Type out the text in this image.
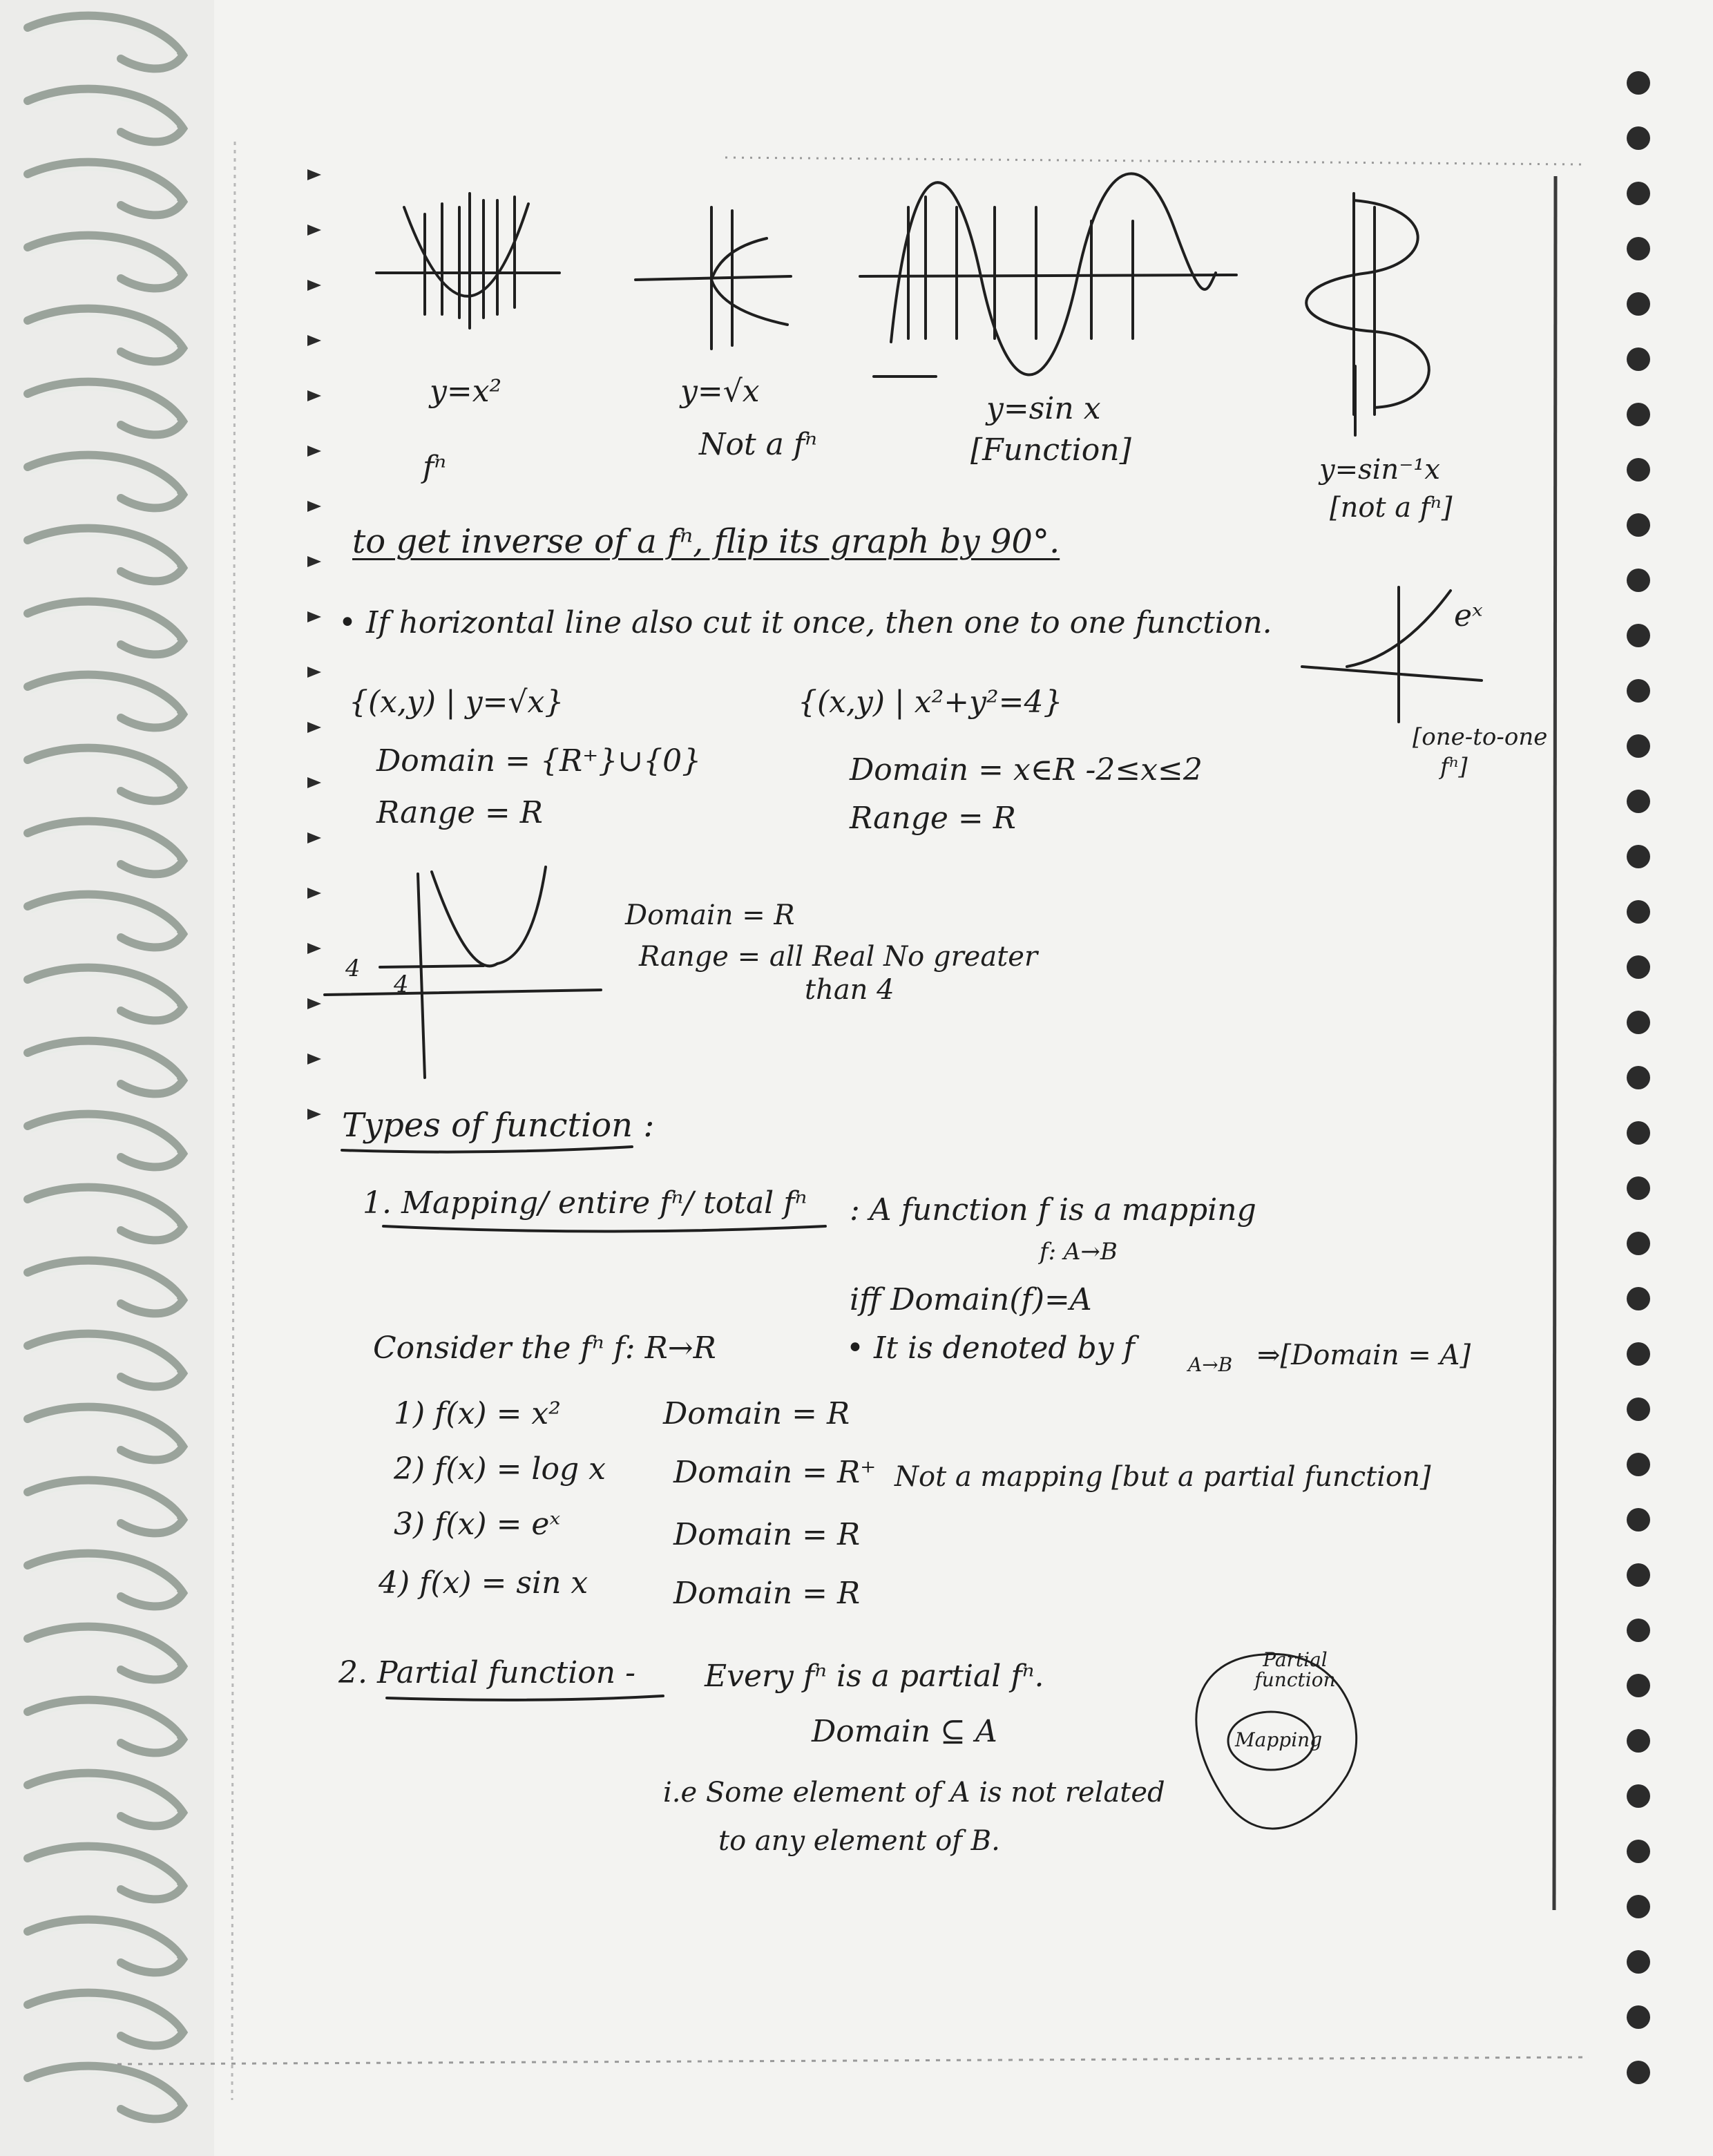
y=x²
fⁿ
y=√x
Not a fⁿ
y=sin x
[Function]
y=sin⁻¹x
[not a fⁿ]
to get inverse of a fⁿ, flip its graph by 90°.
• If horizontal line also cut it once, then one to one function.	eˣ
[one-to-one
fⁿ]
{(x,y) | y=√x}
Domain = {R⁺}∪{0}
Range = R
{(x,y) | x²+y²=4}
Domain = x∈R -2≤x≤2
Range = R
4
4
Domain = R
Range = all Real No greater
than 4
Types of function :
1. Mapping/ entire fⁿ/ total fⁿ : A function f is a mapping
f: A→B
iff Domain(f)=A
• It is denoted by f	A→B ⇒[Domain = A]
Consider the fⁿ f: R→R
1) f(x) = x²	Domain = R
2) f(x) = log x Domain = R⁺ Not a mapping [but a partial function]
3) f(x) = eˣ	Domain = R
4) f(x) = sin x	Domain = R
2. Partial function - Every fⁿ is a partial fⁿ.
Domain ⊆ A
i.e Some element of A is not related
to any element of B.
Partial function
Mapping
